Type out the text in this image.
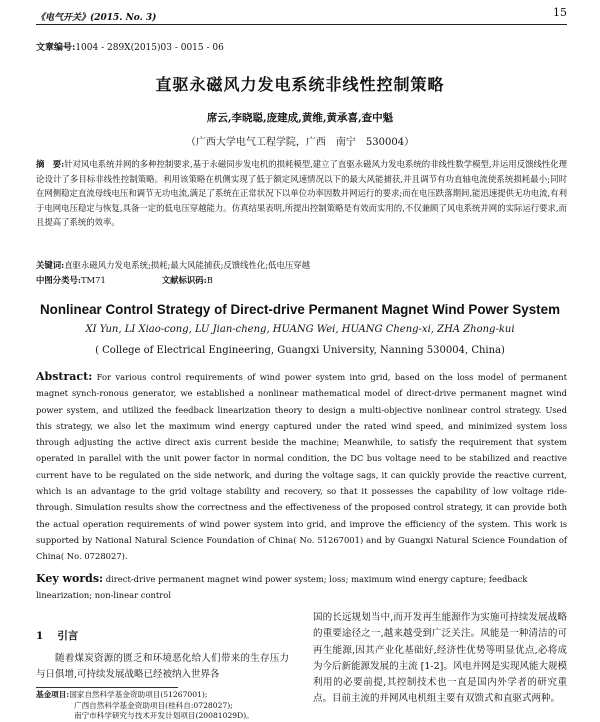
《电气开关》(2015. No. 3)	15
文章编号:1004 - 289X(2015)03 - 0015 - 06
直驱永磁风力发电系统非线性控制策略
席云,李晓聪,庞建成,黄维,黄承喜,查中魁
（广西大学电气工程学院，广西　南宁　530004）
摘　要:针对风电系统并网的多种控制要求,基于永磁同步发电机的损耗模型,建立了直驱永磁风力发电系统的非线性数学模型,并运用反馈线性化理论设计了多目标非线性控制策略。利用该策略在机侧实现了低于额定风速情况以下的最大风能捕获,并且调节有功直轴电流使系统损耗最小;同时在网侧稳定直流母线电压和调节无功电流,满足了系统在正常状况下以单位功率因数并网运行的要求;而在电压跌落期间,能迅速提供无功电流,有利于电网电压稳定与恢复,具备一定的低电压穿越能力。仿真结果表明,所提出控制策略是有效而实用的,不仅兼顾了风电系统并网的实际运行要求,而且提高了系统的效率。
关键词:直驱永磁风力发电系统;损耗;最大风能捕获;反馈线性化;低电压穿越
中图分类号:TM71	文献标识码:B
Nonlinear Control Strategy of Direct-drive Permanent Magnet Wind Power System
XI Yun, LI Xiao-cong, LU Jian-cheng, HUANG Wei, HUANG Cheng-xi, ZHA Zhong-kui
( College of Electrical Engineering, Guangxi University, Nanning 530004, China)
Abstract: For various control requirements of wind power system into grid, based on the loss model of permanent magnet synch-ronous generator, we established a nonlinear mathematical model of direct-drive permanent magnet wind power system, and utilized the feedback linearization theory to design a multi-objective nonlinear control strategy. Used this strategy, we also let the maximum wind energy captured under the rated wind speed, and minimized system loss through adjusting the active direct axis current beside the machine; Meanwhile, to satisfy the requirement that system operated in parallel with the unit power factor in normal condition, the DC bus voltage need to be stabilized and reactive current have to be regulated on the side network, and during the voltage sags, it can quickly provide the reactive current, which is an advantage to the grid voltage stability and recovery, so that it possesses the capability of low voltage ride-through. Simulation results show the correctness and the effectiveness of the proposed control strategy, it can provide both the actual operation requirements of wind power system into grid, and improve the efficiency of the system. This work is supported by National Natural Science Foundation of China( No. 51267001) and by Guangxi Natural Science Foundation of China( No. 0728027).
Key words: direct-drive permanent magnet wind power system; loss; maximum wind energy capture; feedback linearization; non-linear control
1 引言
随着煤炭资源的匮乏和环境恶化给人们带来的生存压力与日俱增,可持续发展战略已经被纳入世界各
国的长远规划当中,而开发再生能源作为实施可持续发展战略的重要途径之一,越来越受到广泛关注。风能是一种清洁的可再生能源,因其产业化基础好,经济性优势等明显优点,必将成为今后新能源发展的主流 [1-2]。风电并网是实现风能大规模利用的必要前提,其控制技术也一直是国内外学者的研究重点。目前主流的并网风电机组主要有双馈式和直驱式两种。
基金项目:国家自然科学基金资助项目(51267001);
广西自然科学基金资助项目(桂科自:0728027);
南宁市科学研究与技术开发计划项目(20081029D)。
